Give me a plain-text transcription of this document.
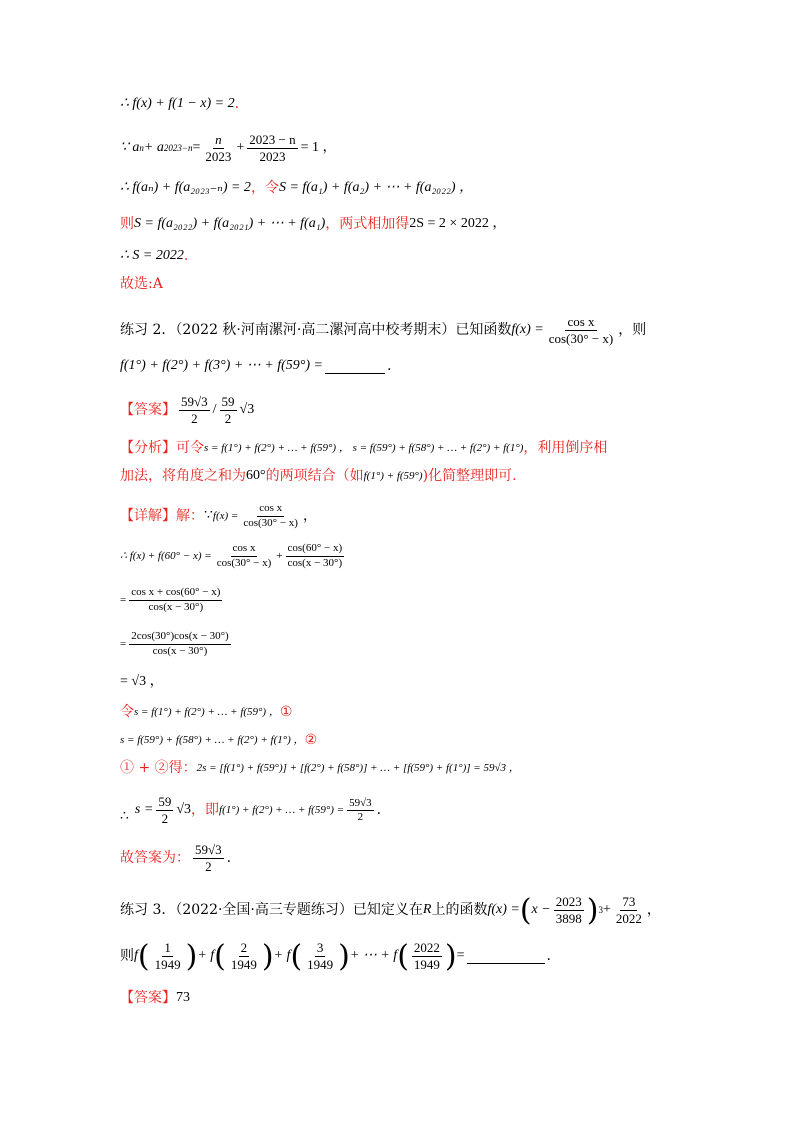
∴ f(x) + f(1 − x) = 2 .
∵ a n + a $2023-n = \frac{n}{2023} + \frac{2023 - n}{2023} = 1$ ，
∴ f(aₙ) + f(a₂₀₂₃₋ₙ) = 2 ，令 S = f(a₁) + f(a₂) + ⋯ + f(a₂₀₂₂) ，
则 S = f(a₂₀₂₂) + f(a₂₀₂₁) + ⋯ + f(a₁) ，两式相加得 2S = 2 × 2022 ，
∴ S = 2022 .
故选:A
练习 2．（2022 秋·河南漯河·高二漯河高中校考期末）已知函数 $f(x) = \frac{\text{cos x}}{\cos(30^\circ - x)}$ ，则
f(1°) + f(2°) + f(3°) + ⋯ + f(59°) =	.
【答案】 $\frac{59√3}{2} / \frac{59}{2} √3$
【分析】 可令 s = f(1°) + f(2°) + … + f(59°) ， s = f(59°) + f(58°) + … + f(2°) + f(1°) ，利用倒序相
加法，将角度之和为 60° 的两项结合（如 f(1°) + f(59°) )化简整理即可.
【详解】 解： ∵ $f(x) = \frac{\text{cos x}}{\cos(30^\circ - x)}$ ，
∴ $f(x) + f(60^\circ - x) = \frac{\text{cos x}}{\cos(30^\circ - x)} + \frac{\cos(60^\circ - x)}{\cos(x - 30^\circ)}$
= $\frac{\text{cos x + cos(60° − x)}}{\cos(x - 30^\circ)}$
= $\frac{2\cos(30^\circ)\cos(x - 30^\circ)}{\cos(x - 30^\circ)}$
= √3 ，
令 s = f(1°) + f(2°) + … + f(59°) ， ①
s = f(59°) + f(58°) + … + f(2°) + f(1°) ， ②
① + ②得： 2s = [f(1°) + f(59°)] + [f(2°) + f(58°)] + … + [f(59°) + f(1°)] = 59√3 ，
∴ $s = \frac{59}{2} √3$ ，即 f(1°) + f(2°) + … + $f(59^\circ) = \frac{59√3}{2}$ .
故答案为： $\frac{59√3}{2}$ .
练习 3．（2022·全国·高三专题练习）已知定义在 R 上的函数 f(x) = ( $x - \frac{2023}{3898}$ ) $3 + \frac{73}{2022}$ ，
则 f ( $\frac{1}{1949}$ ) + f ( $\frac{2}{1949}$ ) + f ( $\frac{3}{1949}$ ) + ⋯ + f ( $\frac{2022}{1949}$ ) =	.
【答案】 73
